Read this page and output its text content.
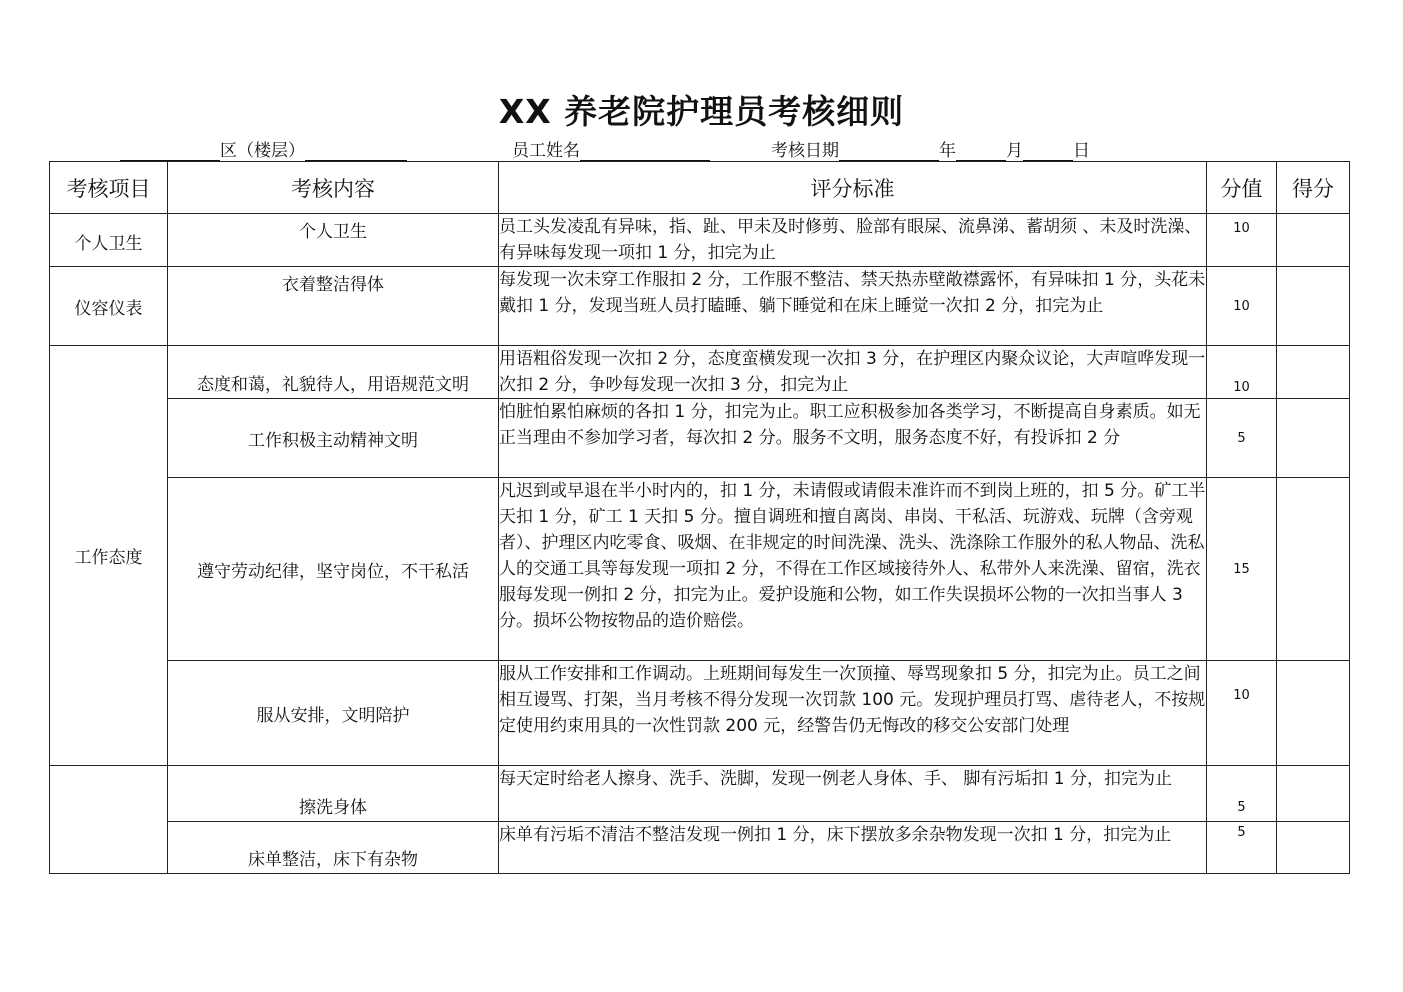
XX 养老院护理员考核细则
区（楼层）	员工姓名	考核日期	年	月	日
考核项目	考核内容	评分标准	分值	得分
个人卫生	个人卫生	员工头发凌乱有异味，指、趾、甲未及时修剪、脸部有眼屎、流鼻涕、蓄胡须 、未及时洗澡、有异味每发现一项扣 1 分，扣完为止	10	
仪容仪表	衣着整洁得体	每发现一次未穿工作服扣 2 分，工作服不整洁、禁天热赤壁敞襟露怀，有异味扣 1 分，头花未戴扣 1 分，发现当班人员打瞌睡、躺下睡觉和在床上睡觉一次扣 2 分，扣完为止	10	
工作态度	态度和蔼，礼貌待人，用语规范文明	用语粗俗发现一次扣 2 分，态度蛮横发现一次扣 3 分，在护理区内聚众议论，大声喧哗发现一次扣 2 分，争吵每发现一次扣 3 分，扣完为止	10	
	工作积极主动精神文明	怕脏怕累怕麻烦的各扣 1 分，扣完为止。职工应积极参加各类学习，不断提高自身素质。如无正当理由不参加学习者，每次扣 2 分。服务不文明，服务态度不好，有投诉扣 2 分	5	
	遵守劳动纪律，坚守岗位，不干私活	凡迟到或早退在半小时内的，扣 1 分，未请假或请假未准许而不到岗上班的，扣 5 分。矿工半天扣 1 分，矿工 1 天扣 5 分。擅自调班和擅自离岗、串岗、干私活、玩游戏、玩牌（含旁观者）、护理区内吃零食、吸烟、在非规定的时间洗澡、洗头、洗涤除工作服外的私人物品、洗私人的交通工具等每发现一项扣 2 分，不得在工作区域接待外人、私带外人来洗澡、留宿，洗衣服每发现一例扣 2 分，扣完为止。爱护设施和公物，如工作失误损坏公物的一次扣当事人 3 分。损坏公物按物品的造价赔偿。	15	
	服从安排，文明陪护	服从工作安排和工作调动。上班期间每发生一次顶撞、辱骂现象扣 5 分，扣完为止。员工之间相互谩骂、打架，当月考核不得分发现一次罚款 100 元。发现护理员打骂、虐待老人，不按规定使用约束用具的一次性罚款 200 元，经警告仍无悔改的移交公安部门处理	10	
	擦洗身体	每天定时给老人擦身、洗手、洗脚，发现一例老人身体、手、 脚有污垢扣 1 分，扣完为止	5	
	床单整洁，床下有杂物	床单有污垢不清洁不整洁发现一例扣 1 分，床下摆放多余杂物发现一次扣 1 分，扣完为止	5	
